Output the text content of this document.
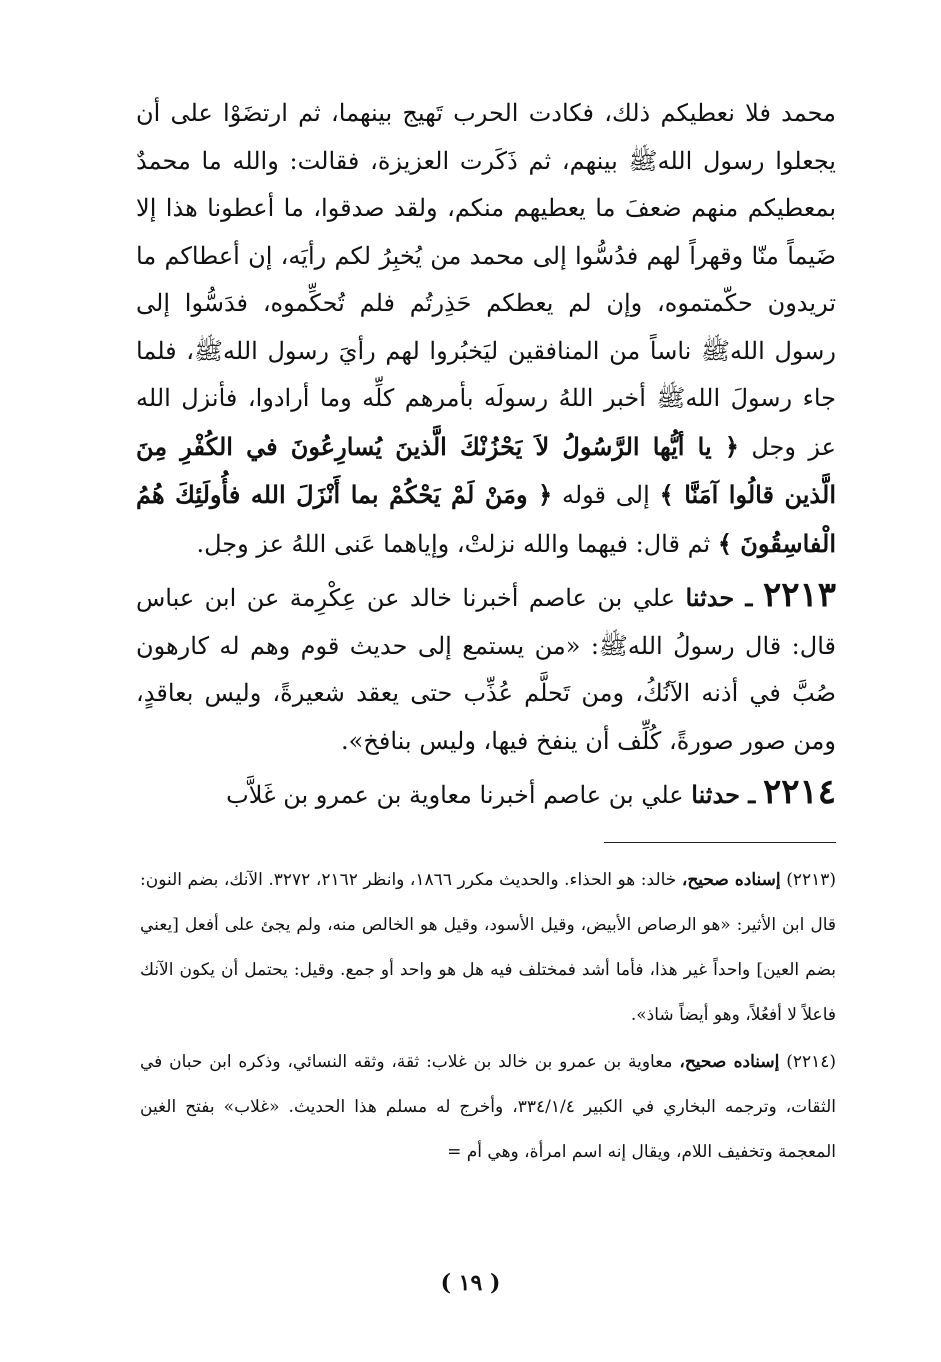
محمد فلا نعطيكم ذلك، فكادت الحرب تَهيج بينهما، ثم ارتضَوْا على أن يجعلوا رسول اللهﷺ بينهم، ثم ذَكَرت العزيزة، فقالت: والله ما محمدٌ بمعطيكم منهم ضعفَ ما يعطيهم منكم، ولقد صدقوا، ما أعطونا هذا إلا ضَيماً منّا وقهراً لهم فدُسُّوا إلى محمد من يُخبِرُ لكم رأيَه، إن أعطاكم ما تريدون حكّمتموه، وإن لم يعطكم حَذِرتُم فلم تُحكِّموه، فدَسُّوا إلى رسول اللهﷺ ناساً من المنافقين ليَخبُروا لهم رأيَ رسول اللهﷺ، فلما جاء رسولَ اللهﷺ أخبر اللهُ رسولَه بأمرهم كلِّه وما أرادوا، فأنزل الله عز وجل ﴿ يا أيُّها الرَّسُولُ لاَ يَحْزُنْكَ الَّذينَ يُسارِعُونَ في الكُفْرِ مِنَ الَّذين قالُوا آمَنَّا ﴾ إلى قوله ﴿ ومَنْ لَمْ يَحْكُمْ بما أَنْزَلَ الله فأُولَئِكَ هُمُ الْفاسِقُونَ ﴾ ثم قال: فيهما والله نزلتْ، وإياهما عَنى اللهُ عز وجل.

٢٢١٣ ـ حدثنا علي بن عاصم أخبرنا خالد عن عِكْرِمة عن ابن عباس قال: قال رسولُ اللهﷺ: «من يستمع إلى حديث قوم وهم له كارهون صُبَّ في أذنه الآنُكُ، ومن تَحلَّم عُذِّب حتى يعقد شعيرةً، وليس بعاقدٍ، ومن صور صورةً، كُلِّف أن ينفخ فيها، وليس بنافخ».

٢٢١٤ ـ حدثنا علي بن عاصم أخبرنا معاوية بن عمرو بن غَلاَّب

(٢٢١٣) إسناده صحيح، خالد: هو الحذاء. والحديث مكرر ١٨٦٦، وانظر ٢١٦٢، ٣٢٧٢. الآنك، بضم النون: قال ابن الأثير: «هو الرصاص الأبيض، وقيل الأسود، وقيل هو الخالص منه، ولم يجئ على أفعل [يعني بضم العين] واحداً غير هذا، فأما أشد فمختلف فيه هل هو واحد أو جمع. وقيل: يحتمل أن يكون الآنك فاعلاً لا أفعُلاً، وهو أيضاً شاذ».

(٢٢١٤) إسناده صحيح، معاوية بن عمرو بن خالد بن غلاب: ثقة، وثقه النسائي، وذكره ابن حبان في الثقات، وترجمه البخاري في الكبير ٣٣٤/١/٤، وأخرج له مسلم هذا الحديث. «غلاب» بفتح الغين المعجمة وتخفيف اللام، ويقال إنه اسم امرأة، وهي أم =

( ١٩ )
